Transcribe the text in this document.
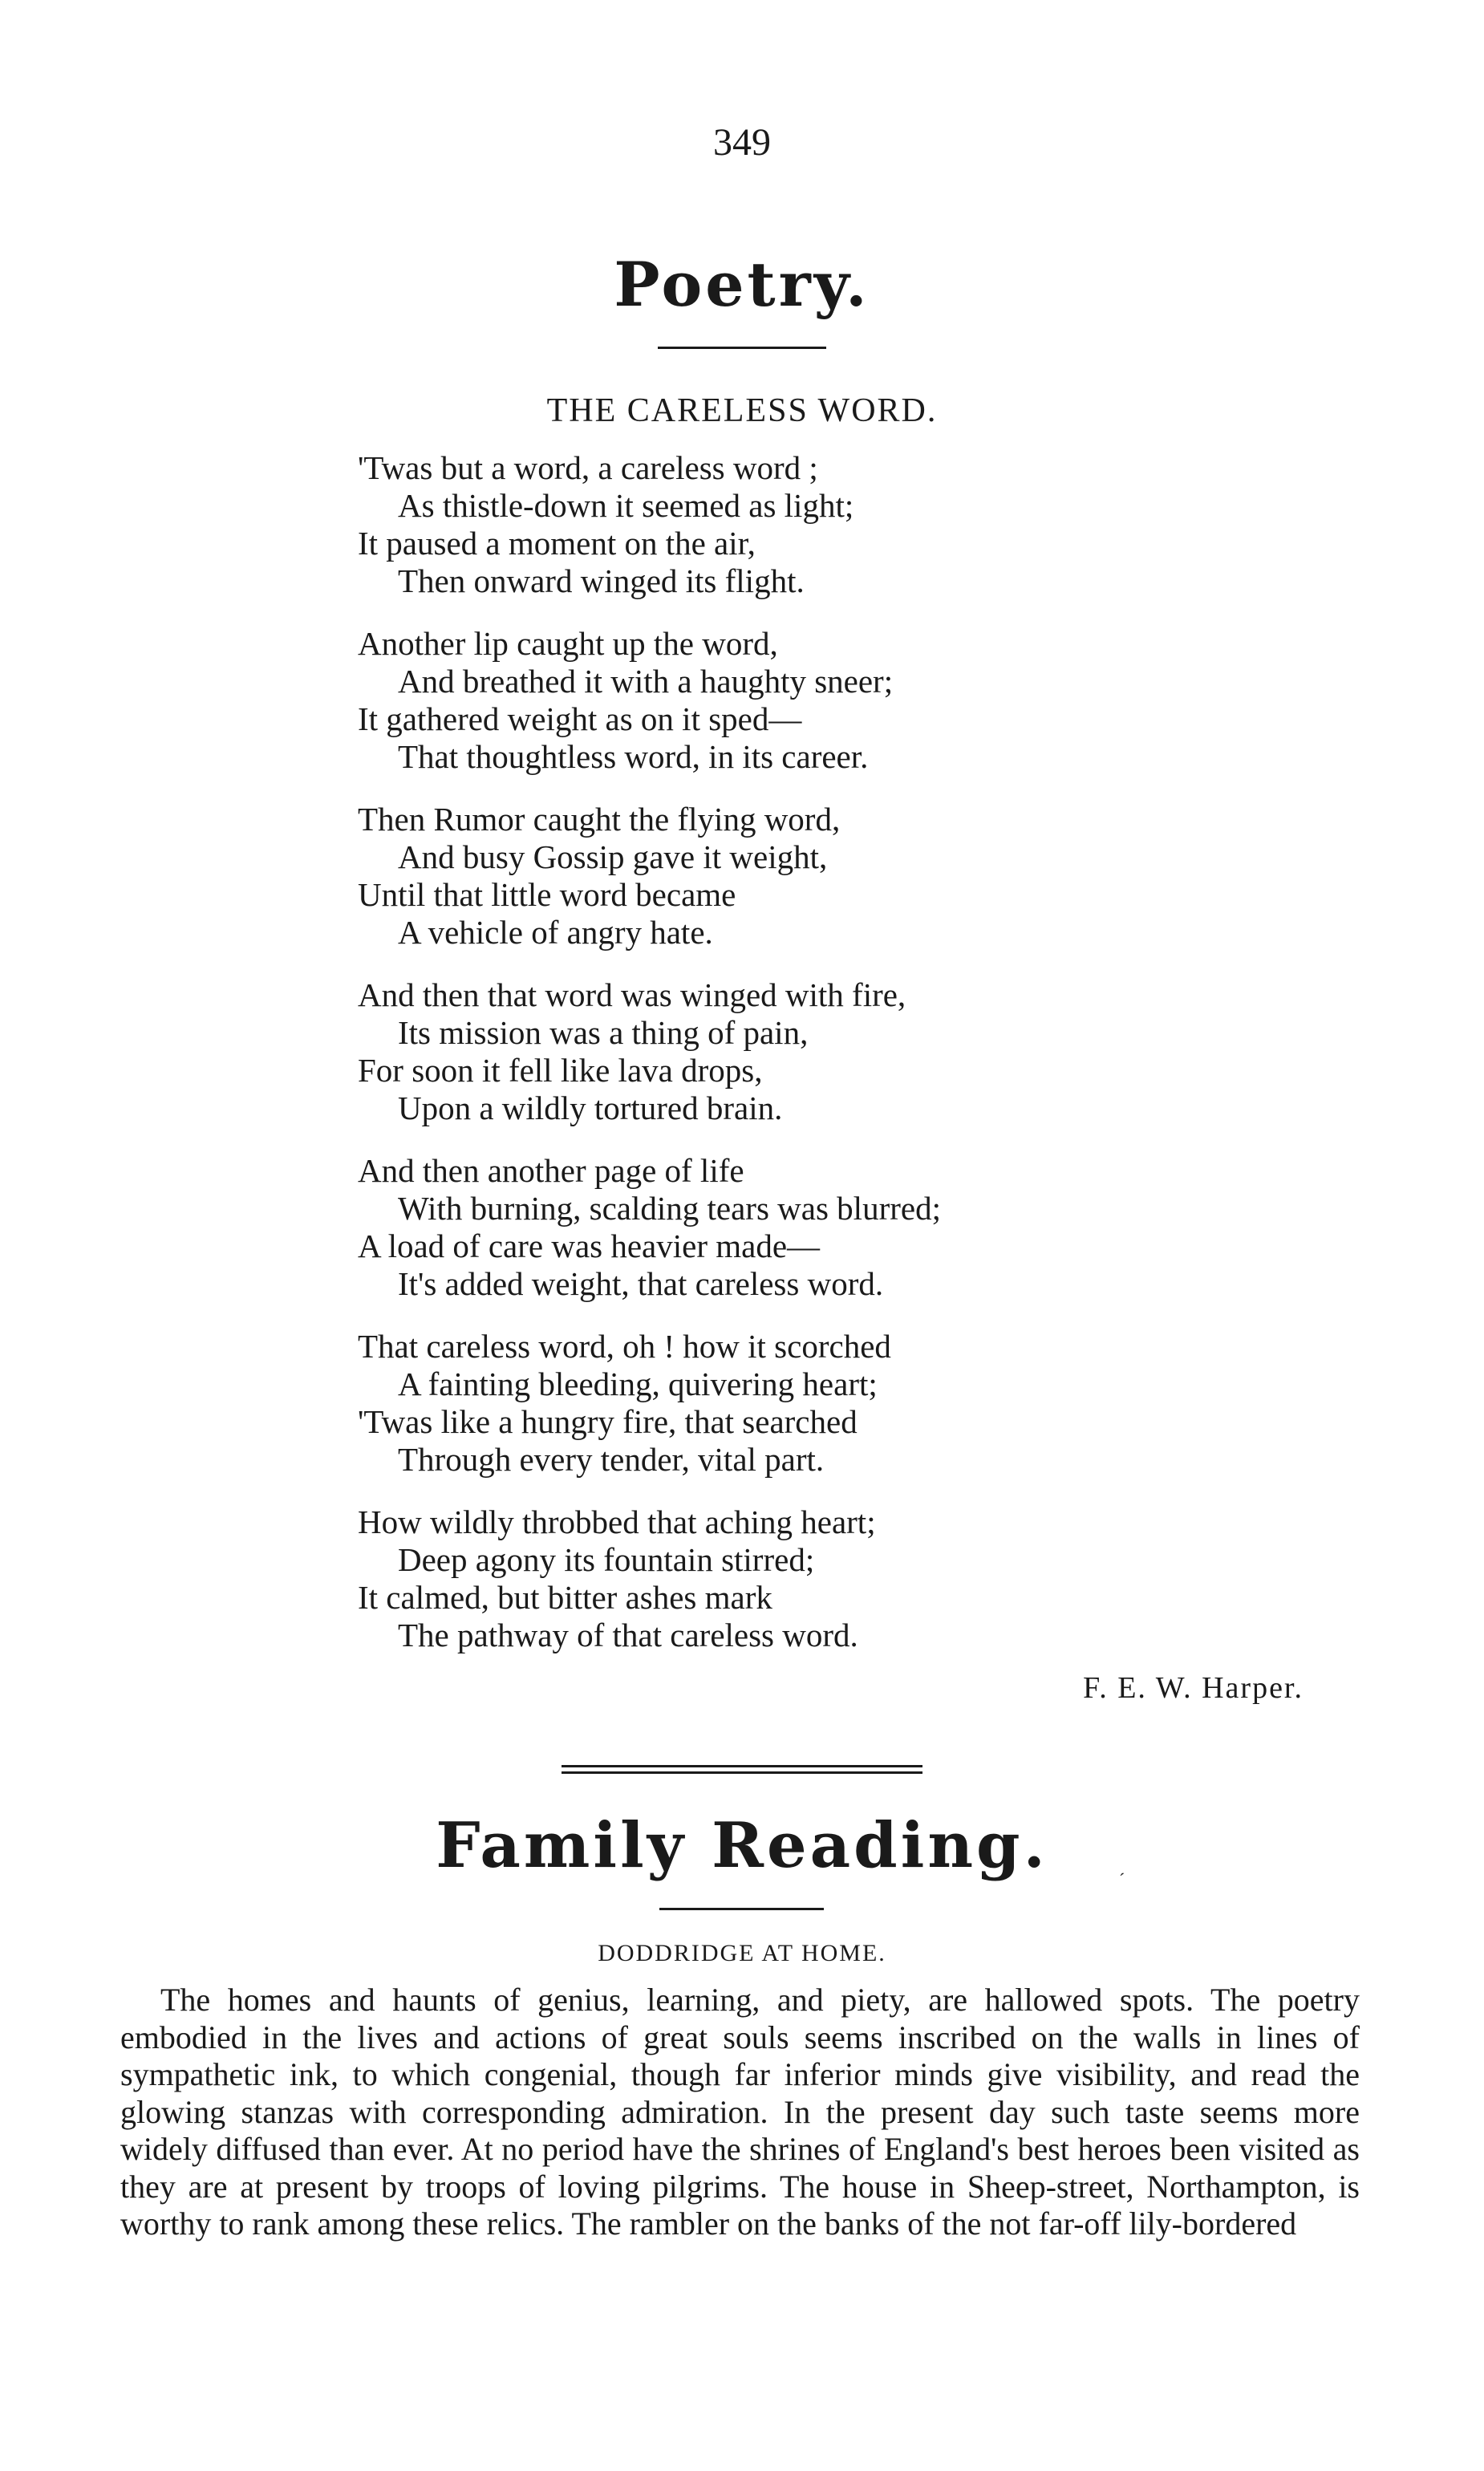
349
Poetry.
THE CARELESS WORD.
'Twas but a word, a careless word ;
As thistle-down it seemed as light;
It paused a moment on the air,
Then onward winged its flight.
Another lip caught up the word,
And breathed it with a haughty sneer;
It gathered weight as on it sped—
That thoughtless word, in its career.
Then Rumor caught the flying word,
And busy Gossip gave it weight,
Until that little word became
A vehicle of angry hate.
And then that word was winged with fire,
Its mission was a thing of pain,
For soon it fell like lava drops,
Upon a wildly tortured brain.
And then another page of life
With burning, scalding tears was blurred;
A load of care was heavier made—
It's added weight, that careless word.
That careless word, oh ! how it scorched
A fainting bleeding, quivering heart;
'Twas like a hungry fire, that searched
Through every tender, vital part.
How wildly throbbed that aching heart;
Deep agony its fountain stirred;
It calmed, but bitter ashes mark
The pathway of that careless word.
F. E. W. Harper.
Family Reading.	ˊ
DODDRIDGE AT HOME.

The homes and haunts of genius, learning, and piety, are hallowed spots. The poetry embodied in the lives and actions of great souls seems inscribed on the walls in lines of sympathetic ink, to which congenial, though far inferior minds give visibility, and read the glowing stanzas with corresponding admiration. In the present day such taste seems more widely diffused than ever. At no period have the shrines of England's best heroes been visited as they are at present by troops of loving pilgrims. The house in Sheep-street, Northampton, is worthy to rank among these relics. The rambler on the banks of the not far-off lily-bordered
